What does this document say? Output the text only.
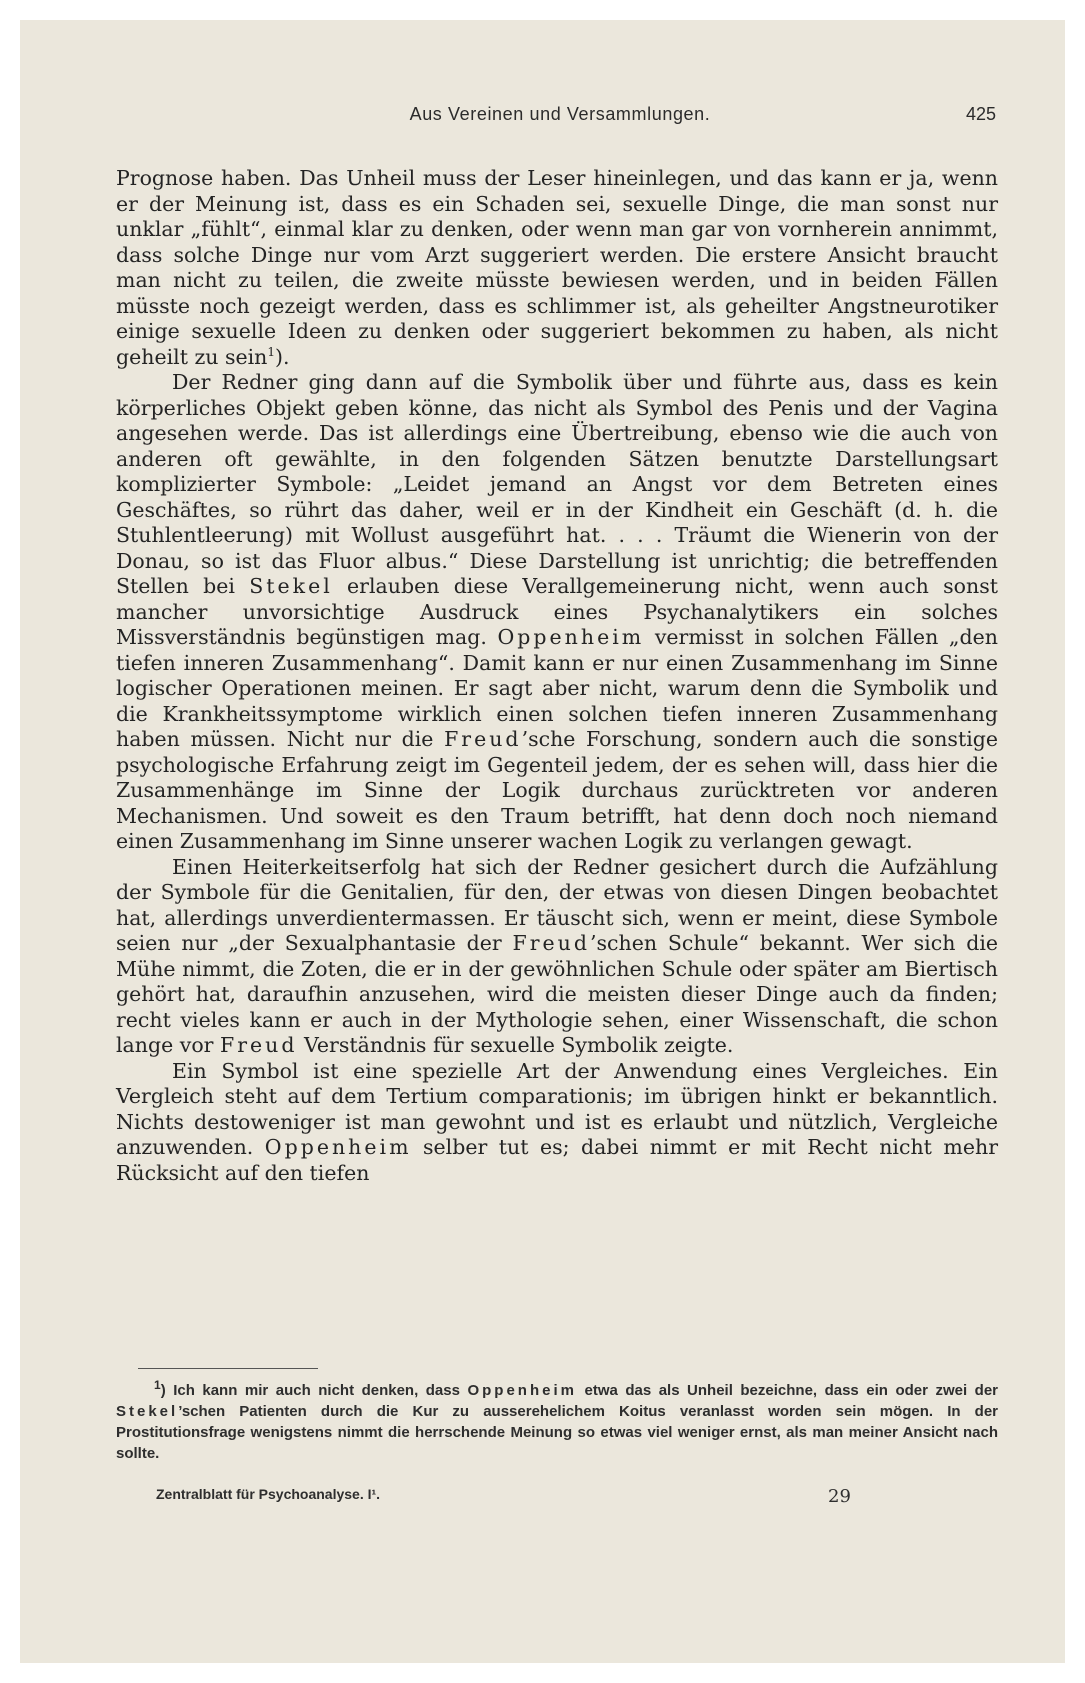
Aus Vereinen und Versammlungen.	425

Prognose haben. Das Unheil muss der Leser hineinlegen, und das kann er ja, wenn er der Meinung ist, dass es ein Schaden sei, sexuelle Dinge, die man sonst nur unklar „fühlt“, einmal klar zu denken, oder wenn man gar von vornherein annimmt, dass solche Dinge nur vom Arzt suggeriert werden. Die erstere Ansicht braucht man nicht zu teilen, die zweite müsste bewiesen werden, und in beiden Fällen müsste noch gezeigt werden, dass es schlimmer ist, als geheilter Angstneurotiker einige sexuelle Ideen zu denken oder suggeriert bekommen zu haben, als nicht geheilt zu sein$^1$).

Der Redner ging dann auf die Symbolik über und führte aus, dass es kein körperliches Objekt geben könne, das nicht als Symbol des Penis und der Vagina angesehen werde. Das ist allerdings eine Übertreibung, ebenso wie die auch von anderen oft gewählte, in den folgenden Sätzen benutzte Darstellungsart komplizierter Symbole: „Leidet jemand an Angst vor dem Betreten eines Geschäftes, so rührt das daher, weil er in der Kindheit ein Geschäft (d. h. die Stuhlentleerung) mit Wollust ausgeführt hat. . . . Träumt die Wienerin von der Donau, so ist das Fluor albus.“ Diese Darstellung ist unrichtig; die betreffenden Stellen bei Stekel erlauben diese Verallgemeinerung nicht, wenn auch sonst mancher unvorsichtige Ausdruck eines Psychanalytikers ein solches Missverständnis begünstigen mag. Oppenheim vermisst in solchen Fällen „den tiefen inneren Zusammenhang“. Damit kann er nur einen Zusammenhang im Sinne logischer Operationen meinen. Er sagt aber nicht, warum denn die Symbolik und die Krankheitssymptome wirklich einen solchen tiefen inneren Zusammenhang haben müssen. Nicht nur die Freud’sche Forschung, sondern auch die sonstige psychologische Erfahrung zeigt im Gegenteil jedem, der es sehen will, dass hier die Zusammenhänge im Sinne der Logik durchaus zurücktreten vor anderen Mechanismen. Und soweit es den Traum betrifft, hat denn doch noch niemand einen Zusammenhang im Sinne unserer wachen Logik zu verlangen gewagt.

Einen Heiterkeitserfolg hat sich der Redner gesichert durch die Aufzählung der Symbole für die Genitalien, für den, der etwas von diesen Dingen beobachtet hat, allerdings unverdientermassen. Er täuscht sich, wenn er meint, diese Symbole seien nur „der Sexualphantasie der Freud’schen Schule“ bekannt. Wer sich die Mühe nimmt, die Zoten, die er in der gewöhnlichen Schule oder später am Biertisch gehört hat, daraufhin anzusehen, wird die meisten dieser Dinge auch da finden; recht vieles kann er auch in der Mythologie sehen, einer Wissenschaft, die schon lange vor Freud Verständnis für sexuelle Symbolik zeigte.

Ein Symbol ist eine spezielle Art der Anwendung eines Vergleiches. Ein Vergleich steht auf dem Tertium comparationis; im übrigen hinkt er bekanntlich. Nichts destoweniger ist man gewohnt und ist es erlaubt und nützlich, Vergleiche anzuwenden. Oppenheim selber tut es; dabei nimmt er mit Recht nicht mehr Rücksicht auf den tiefen

$^1$) Ich kann mir auch nicht denken, dass Oppenheim etwa das als Unheil bezeichne, dass ein oder zwei der Stekel’schen Patienten durch die Kur zu ausserehelichem Koitus veranlasst worden sein mögen. In der Prostitutionsfrage wenigstens nimmt die herrschende Meinung so etwas viel weniger ernst, als man meiner Ansicht nach sollte.

Zentralblatt für Psychoanalyse. I¹.	29
